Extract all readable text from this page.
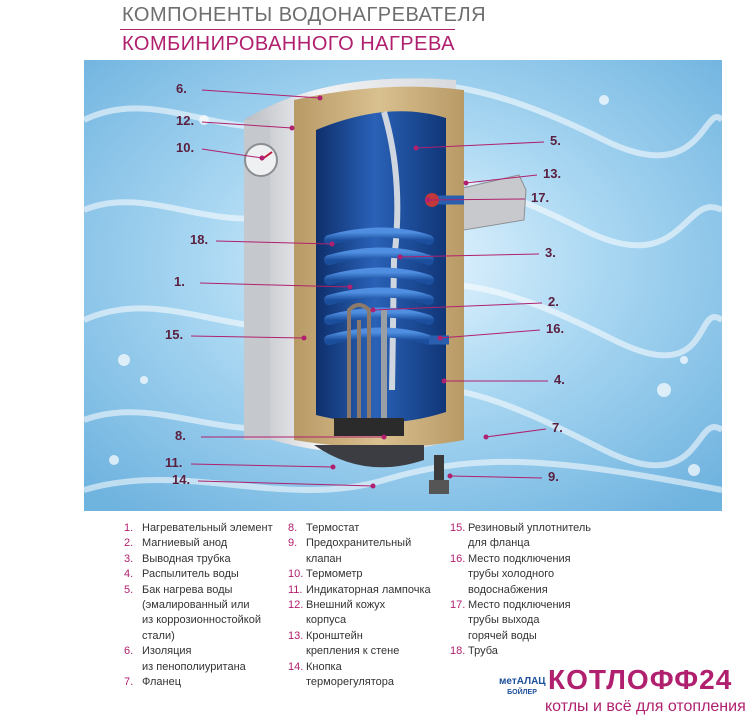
КОМПОНЕНТЫ ВОДОНАГРЕВАТЕЛЯ
КОМБИНИРОВАННОГО НАГРЕВА
6.
12.
10.
18.
1.
15.
8.
11.
14.
5.
13.
17.
3.
2.
16.
4.
7.
9.
1. Нагревательный элемент
2. Магниевый анод
3. Выводная трубка
4. Распылитель воды
5. Бак нагрева воды
(эмалированный или
из коррозионностойкой
стали)
6. Изоляция
из пенополиуритана
7. Фланец
8. Термостат
9. Предохранительный
клапан
10. Термометр
11. Индикаторная лампочка
12. Внешний кожух
корпуса
13. Кронштейн
крепления к стене
14. Кнопка
терморегулятора
15. Резиновый уплотнитель
для фланца
16. Место подключения
трубы холодного
водоснабжения
17. Место подключения
трубы выхода
горячей воды
18. Труба
метАЛАЦ
БОЙЛЕР КОТЛОФФ24
котлы и всё для отопления
